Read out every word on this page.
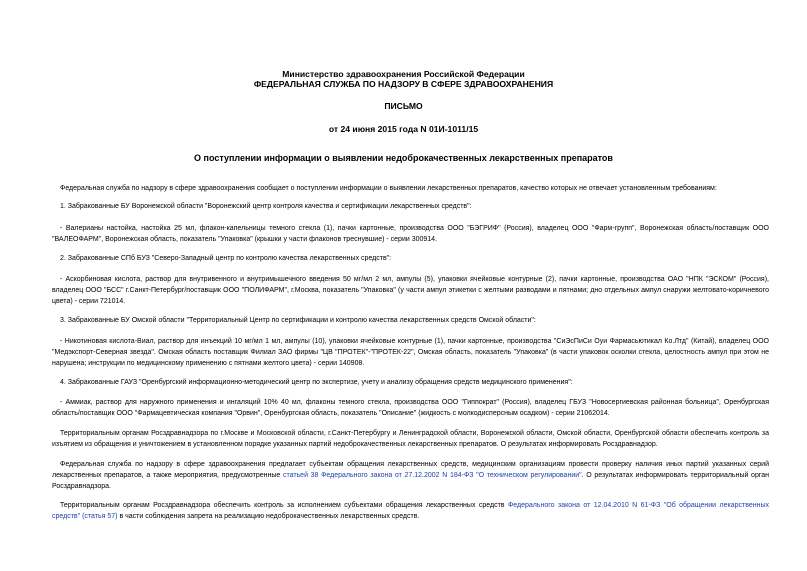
Министерство здравоохранения Российской Федерации
ФЕДЕРАЛЬНАЯ СЛУЖБА ПО НАДЗОРУ В СФЕРЕ ЗДРАВООХРАНЕНИЯ
ПИСЬМО
от 24 июня 2015 года N 01И-1011/15
О поступлении информации о выявлении недоброкачественных лекарственных препаратов
Федеральная служба по надзору в сфере здравоохранения сообщает о поступлении информации о выявлении лекарственных препаратов, качество которых не отвечает установленным требованиям:
1. Забракованные БУ Воронежской области "Воронежский центр контроля качества и сертификации лекарственных средств":
- Валерианы настойка, настойка 25 мл, флакон-капельницы темного стекла (1), пачки картонные, производства ООО "БЭГРИФ" (Россия), владелец ООО "Фарм-групп", Воронежская область/поставщик ООО "ВАЛЕОФАРМ", Воронежская область, показатель "Упаковка" (крышки у части флаконов треснувшие) - серии 300914.
2. Забракованные СПб БУЗ "Северо-Западный центр по контролю качества лекарственных средств":
- Аскорбиновая кислота, раствор для внутривенного и внутримышечного введения 50 мг/мл 2 мл, ампулы (5), упаковки ячейковые контурные (2), пачки картонные, производства ОАО "НПК "ЭСКОМ" (Россия), владелец ООО "БСС" г.Санкт-Петербург/поставщик ООО "ПОЛИФАРМ", г.Москва, показатель "Упаковка" (у части ампул этикетки с желтыми разводами и пятнами; дно отдельных ампул снаружи желтовато-коричневого цвета) - серии 721014.
3. Забракованные БУ Омской области "Территориальный Центр по сертификации и контролю качества лекарственных средств Омской области":
- Никотиновая кислота-Виал, раствор для инъекций 10 мг/мл 1 мл, ампулы (10), упаковки ячейковые контурные (1), пачки картонные, производства "СиЭсПиСи Оуи Фармасьютикал Ко.Лтд" (Китай), владелец ООО "Медэкспорт-Северная звезда". Омская область поставщик Филиал ЗАО фирмы "ЦВ "ПРОТЕК"-"ПРОТЕК-22", Омская область, показатель "Упаковка" (в части упаковок осколки стекла, целостность ампул при этом не нарушена; инструкции по медицинскому применению с пятнами желтого цвета) - серии 140908.
4. Забракованные ГАУЗ "Оренбургский информационно-методический центр по экспертизе, учету и анализу обращения средств медицинского применения":
- Аммиак, раствор для наружного применения и ингаляций 10% 40 мл, флаконы темного стекла, производства ООО "Гиппократ" (Россия), владелец ГБУЗ "Новосергиевская районная больница", Оренбургская область/поставщик ООО "Фармацевтическая компания "Орвин", Оренбургская область, показатель "Описание" (жидкость с молкодисперсным осадком) - серии 21062014.
Территориальным органам Росздравнадзора по г.Москве и Московской области, г.Санкт-Петербургу и Ленинградской области, Воронежской области, Омской области, Оренбургской области обеспечить контроль за изъятием из обращения и уничтожением в установленном порядке указанных партий недоброкачественных лекарственных препаратов. О результатах информировать Росздравнадзор.
Федеральная служба по надзору в сфере здравоохранения предлагает субъектам обращения лекарственных средств, медицинским организациям провести проверку наличия иных партий указанных серий лекарственных препаратов, а также мероприятия, предусмотренные статьей 38 Федерального закона от 27.12.2002 N 184-ФЗ "О техническом регулировании". О результатах информировать территориальный орган Росздравнадзора.
Территориальным органам Росздравнадзора обеспечить контроль за исполнением субъектами обращения лекарственных средств Федерального закона от 12.04.2010 N 61-ФЗ "Об обращении лекарственных средств" (статья 57) в части соблюдения запрета на реализацию недоброкачественных лекарственных средств.
